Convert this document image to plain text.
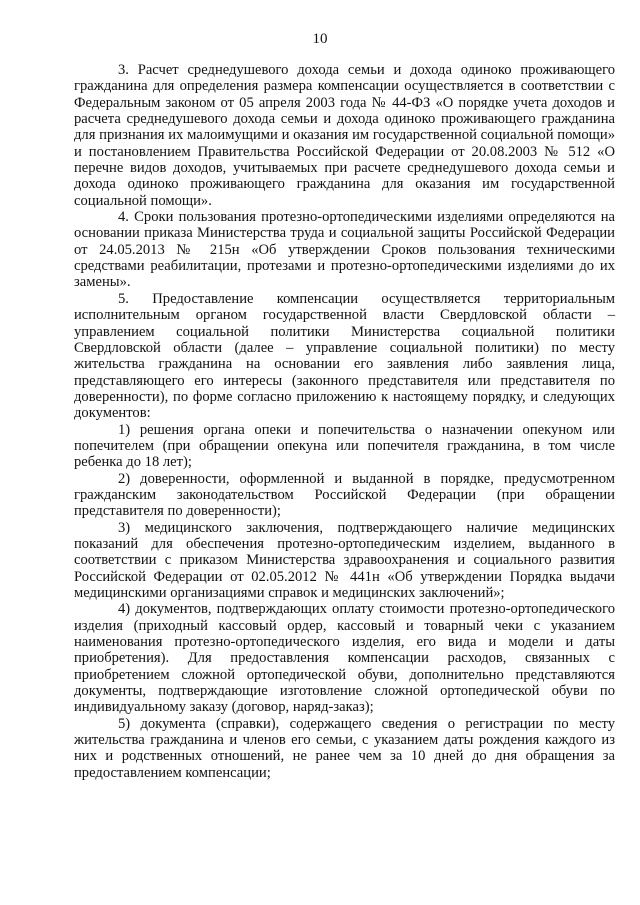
10

3. Расчет среднедушевого дохода семьи и дохода одиноко проживающего гражданина для определения размера компенсации осуществляется в соответствии с Федеральным законом от 05 апреля 2003 года № 44-ФЗ «О порядке учета доходов и расчета среднедушевого дохода семьи и дохода одиноко проживающего гражданина для признания их малоимущими и оказания им государственной социальной помощи» и постановлением Правительства Российской Федерации от 20.08.2003 № 512 «О перечне видов доходов, учитываемых при расчете среднедушевого дохода семьи и дохода одиноко проживающего гражданина для оказания им государственной социальной помощи».

4. Сроки пользования протезно-ортопедическими изделиями определяются на основании приказа Министерства труда и социальной защиты Российской Федерации от 24.05.2013 № 215н «Об утверждении Сроков пользования техническими средствами реабилитации, протезами и протезно-ортопедическими изделиями до их замены».

5. Предоставление компенсации осуществляется территориальным исполнительным органом государственной власти Свердловской области – управлением социальной политики Министерства социальной политики Свердловской области (далее – управление социальной политики) по месту жительства гражданина на основании его заявления либо заявления лица, представляющего его интересы (законного представителя или представителя по доверенности), по форме согласно приложению к настоящему порядку, и следующих документов:

1) решения органа опеки и попечительства о назначении опекуном или попечителем (при обращении опекуна или попечителя гражданина, в том числе ребенка до 18 лет);

2) доверенности, оформленной и выданной в порядке, предусмотренном гражданским законодательством Российской Федерации (при обращении представителя по доверенности);

3) медицинского заключения, подтверждающего наличие медицинских показаний для обеспечения протезно-ортопедическим изделием, выданного в соответствии с приказом Министерства здравоохранения и социального развития Российской Федерации от 02.05.2012 № 441н «Об утверждении Порядка выдачи медицинскими организациями справок и медицинских заключений»;

4) документов, подтверждающих оплату стоимости протезно-ортопедического изделия (приходный кассовый ордер, кассовый и товарный чеки с указанием наименования протезно-ортопедического изделия, его вида и модели и даты приобретения). Для предоставления компенсации расходов, связанных с приобретением сложной ортопедической обуви, дополнительно представляются документы, подтверждающие изготовление сложной ортопедической обуви по индивидуальному заказу (договор, наряд-заказ);

5) документа (справки), содержащего сведения о регистрации по месту жительства гражданина и членов его семьи, с указанием даты рождения каждого из них и родственных отношений, не ранее чем за 10 дней до дня обращения за предоставлением компенсации;
